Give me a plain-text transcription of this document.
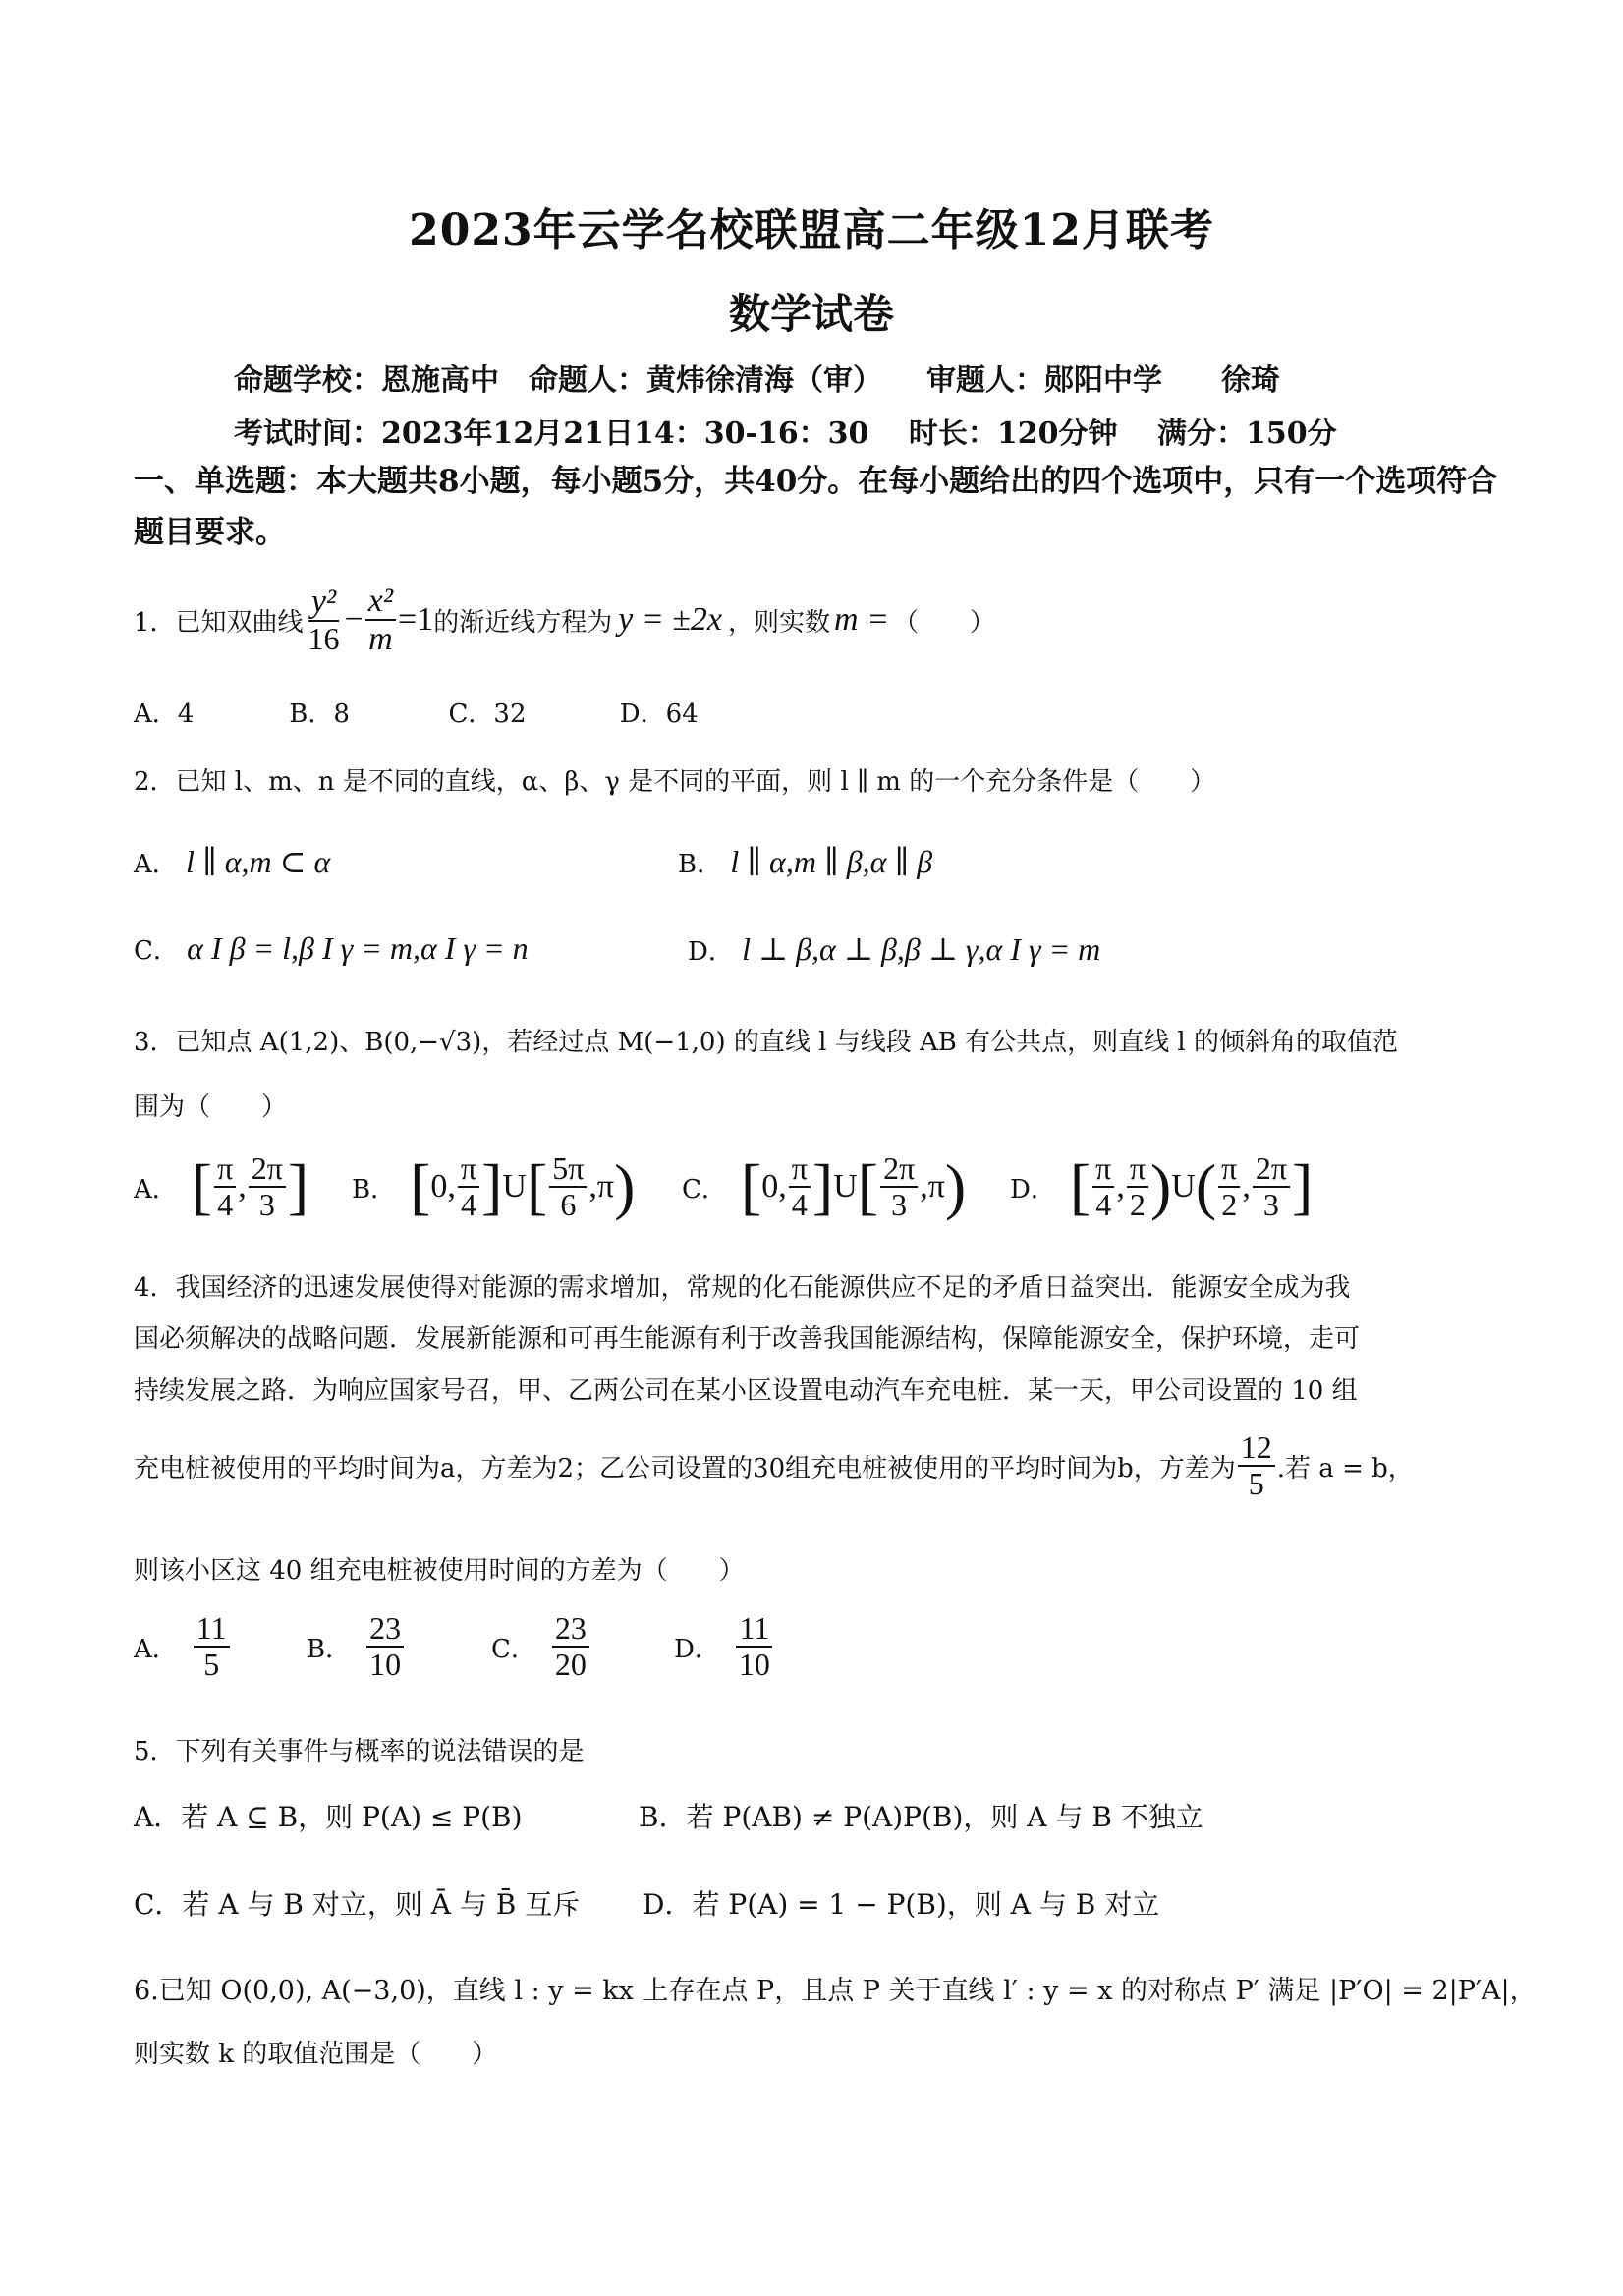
2023年云学名校联盟高二年级12月联考
数学试卷
命题学校：恩施高中　命题人：黄炜徐清海（审）　　审题人：郧阳中学　　徐琦
考试时间：2023年12月21日14：30-16：30　 时长：120分钟　 满分：150分
一、单选题：本大题共8小题，每小题5分，共40分。在每小题给出的四个选项中，只有一个选项符合题目要求。
1．已知双曲线 $\frac{\text{y²}}{16} - \frac{\text{x²}}{m} =1$ 的渐近线方程为 y = ±2x ，则实数 m = （　　）
A．4	B．8	C．32	D．64
2．已知 l、m、n 是不同的直线，α、β、γ 是不同的平面，则 l ∥ m 的一个充分条件是（　　）
A． l ∥ α,m ⊂ α	B． l ∥ α,m ∥ β,α ∥ β
C． α I β = l,β I γ = m,α I γ = n	D． l ⊥ β,α ⊥ β,β ⊥ γ,α I γ = m
3．已知点 A(1,2)、B(0,−√3)，若经过点 M(−1,0) 的直线 l 与线段 AB 有公共点，则直线 l 的倾斜角的取值范
围为（　　）
A． [ $\frac{\pi}{4}$ , $\frac{2\pi}{3}$ ] B． [ 0, $\frac{\pi}{4}$ ] U [ $\frac{5\pi}{6} ,\pi$ ) C． [ 0, $\frac{\pi}{4}$ ] U [ $\frac{2\pi}{3} ,\pi$ ) D． [ $\frac{\pi}{4}$ , $\frac{\pi}{2}$ ) U ( $\frac{\pi}{2}$ , $\frac{2\pi}{3}$ ]
4．我国经济的迅速发展使得对能源的需求增加，常规的化石能源供应不足的矛盾日益突出．能源安全成为我
国必须解决的战略问题．发展新能源和可再生能源有利于改善我国能源结构，保障能源安全，保护环境，走可
持续发展之路．为响应国家号召，甲、乙两公司在某小区设置电动汽车充电桩．某一天，甲公司设置的 10 组
充电桩被使用的平均时间为a，方差为2；乙公司设置的30组充电桩被使用的平均时间为b，方差为 $\frac{12}{5}$ .若 a = b，
则该小区这 40 组充电桩被使用时间的方差为（　　）
A． $\frac{11}{5}$	B． $\frac{23}{10}$	C． $\frac{23}{20}$	D． $\frac{11}{10}$
5．下列有关事件与概率的说法错误的是
A．若 A ⊆ B，则 P(A) ≤ P(B)	B．若 P(AB) ≠ P(A)P(B)，则 A 与 B 不独立
C．若 A 与 B 对立，则 Ā 与 B̄ 互斥 D．若 P(A) = 1 − P(B)，则 A 与 B 对立
6.已知 O(0,0), A(−3,0)，直线 l : y = kx 上存在点 P，且点 P 关于直线 l′ : y = x 的对称点 P′ 满足 |P′O| = 2|P′A|，
则实数 k 的取值范围是（　　）
